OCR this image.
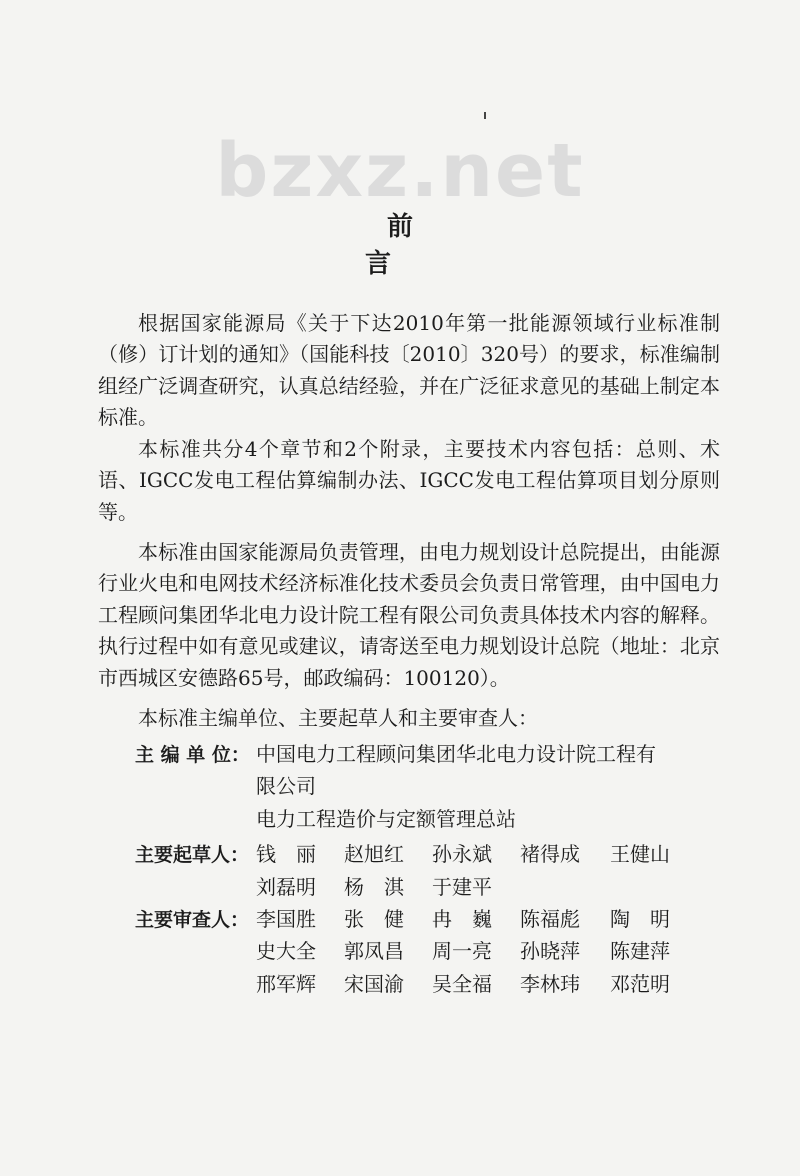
bzxz.net
前　言

根据国家能源局《关于下达2010年第一批能源领域行业标准制（修）订计划的通知》（国能科技〔2010〕320号）的要求，标准编制组经广泛调查研究，认真总结经验，并在广泛征求意见的基础上制定本标准。

本标准共分4个章节和2个附录，主要技术内容包括：总则、术语、IGCC发电工程估算编制办法、IGCC发电工程估算项目划分原则等。

本标准由国家能源局负责管理，由电力规划设计总院提出，由能源行业火电和电网技术经济标准化技术委员会负责日常管理，由中国电力工程顾问集团华北电力设计院工程有限公司负责具体技术内容的解释。执行过程中如有意见或建议，请寄送至电力规划设计总院（地址：北京市西城区安德路65号，邮政编码：100120）。

本标准主编单位、主要起草人和主要审查人：

主 编 单 位： 中国电力工程顾问集团华北电力设计院工程有
限公司
电力工程造价与定额管理总站
主要起草人： 钱　丽 赵旭红 孙永斌 褚得成 王健山
刘磊明 杨　淇 于建平
主要审查人： 李国胜 张　健 冉　巍 陈福彪 陶　明
史大全 郭凤昌 周一亮 孙晓萍 陈建萍
邢军辉 宋国渝 吴全福 李林玮 邓范明
